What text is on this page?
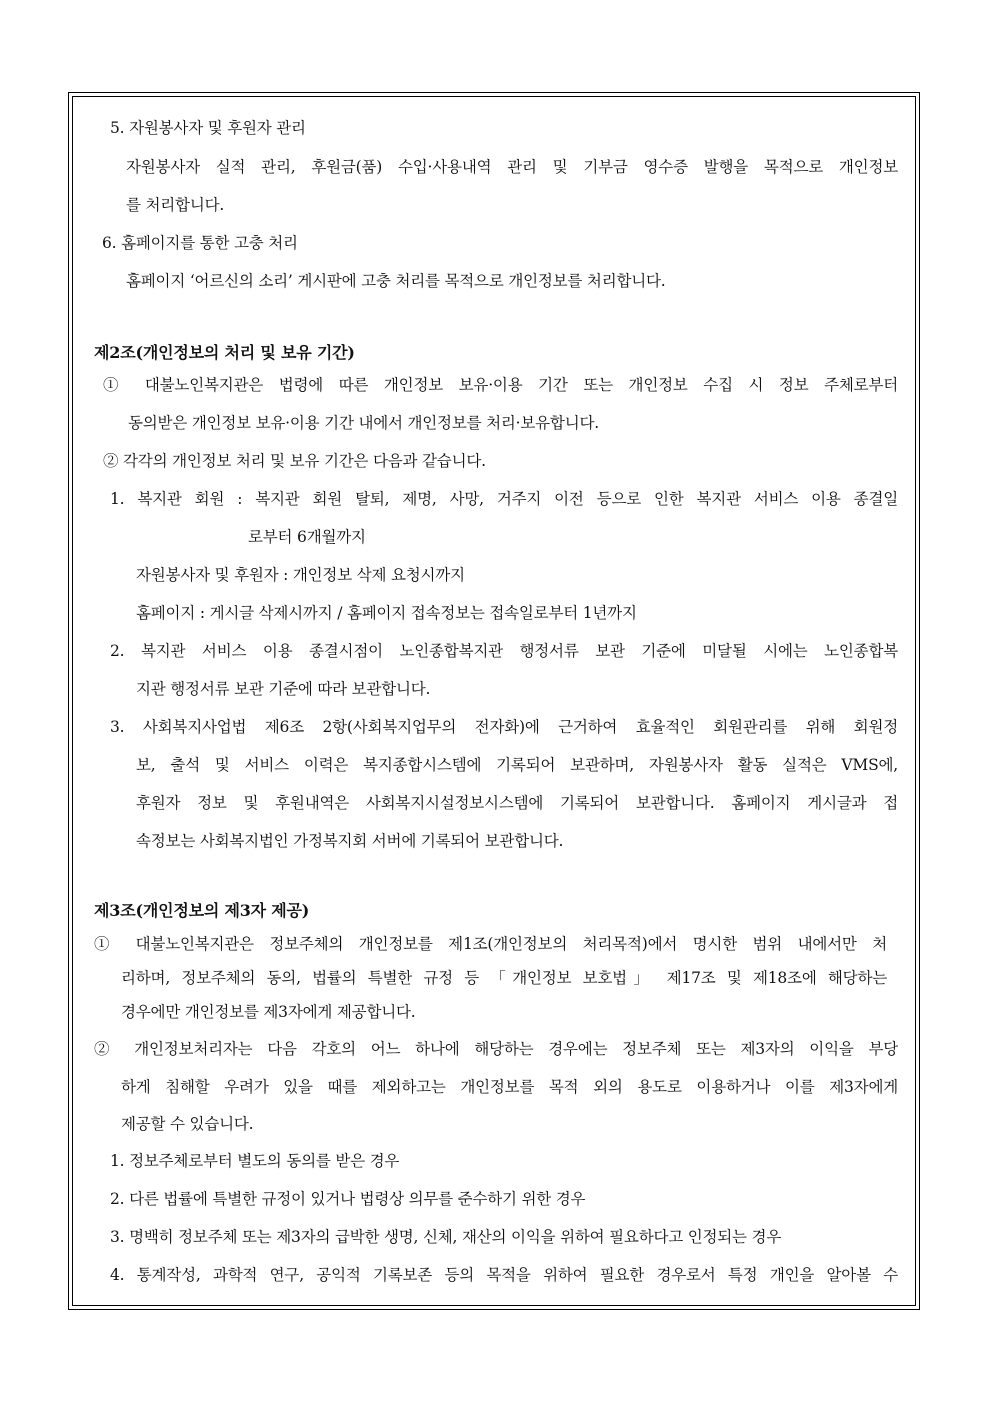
5. 자원봉사자 및 후원자 관리
자원봉사자 실적 관리, 후원금(품) 수입·사용내역 관리 및 기부금 영수증 발행을 목적으로 개인정보
를 처리합니다.
6. 홈페이지를 통한 고충 처리
홈페이지 ‘어르신의 소리’ 게시판에 고충 처리를 목적으로 개인정보를 처리합니다.
제2조(개인정보의 처리 및 보유 기간)
① 대불노인복지관은 법령에 따른 개인정보 보유·이용 기간 또는 개인정보 수집 시 정보 주체로부터
동의받은 개인정보 보유·이용 기간 내에서 개인정보를 처리·보유합니다.
② 각각의 개인정보 처리 및 보유 기간은 다음과 같습니다.
1. 복지관 회원 : 복지관 회원 탈퇴, 제명, 사망, 거주지 이전 등으로 인한 복지관 서비스 이용 종결일
로부터 6개월까지
자원봉사자 및 후원자 : 개인정보 삭제 요청시까지
홈페이지 : 게시글 삭제시까지 / 홈페이지 접속정보는 접속일로부터 1년까지
2. 복지관 서비스 이용 종결시점이 노인종합복지관 행정서류 보관 기준에 미달될 시에는 노인종합복
지관 행정서류 보관 기준에 따라 보관합니다.
3. 사회복지사업법 제6조 2항(사회복지업무의 전자화)에 근거하여 효율적인 회원관리를 위해 회원정
보, 출석 및 서비스 이력은 복지종합시스템에 기록되어 보관하며, 자원봉사자 활동 실적은 VMS에,
후원자 정보 및 후원내역은 사회복지시설정보시스템에 기록되어 보관합니다. 홈페이지 게시글과 접
속정보는 사회복지법인 가정복지회 서버에 기록되어 보관합니다.
제3조(개인정보의 제3자 제공)
① 대불노인복지관은 정보주체의 개인정보를 제1조(개인정보의 처리목적)에서 명시한 범위 내에서만 처
리하며, 정보주체의 동의, 법률의 특별한 규정 등 「개인정보 보호법」 제17조 및 제18조에 해당하는
경우에만 개인정보를 제3자에게 제공합니다.
② 개인정보처리자는 다음 각호의 어느 하나에 해당하는 경우에는 정보주체 또는 제3자의 이익을 부당
하게 침해할 우려가 있을 때를 제외하고는 개인정보를 목적 외의 용도로 이용하거나 이를 제3자에게
제공할 수 있습니다.
1. 정보주체로부터 별도의 동의를 받은 경우
2. 다른 법률에 특별한 규정이 있거나 법령상 의무를 준수하기 위한 경우
3. 명백히 정보주체 또는 제3자의 급박한 생명, 신체, 재산의 이익을 위하여 필요하다고 인정되는 경우
4. 통계작성, 과학적 연구, 공익적 기록보존 등의 목적을 위하여 필요한 경우로서 특정 개인을 알아볼 수
